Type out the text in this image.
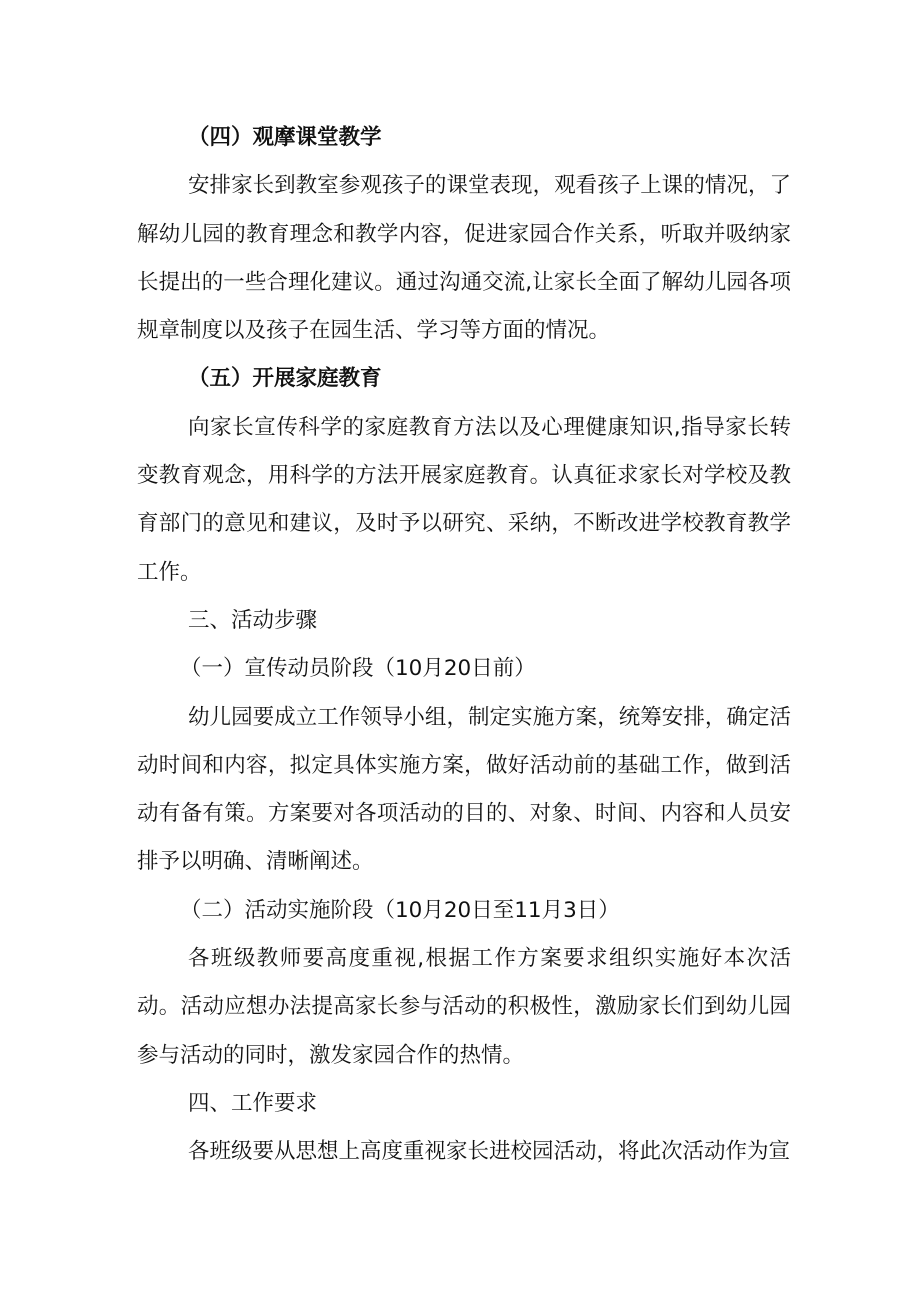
（四）观摩课堂教学

安排家长到教室参观孩子的课堂表现，观看孩子上课的情况，了解幼儿园的教育理念和教学内容，促进家园合作关系，听取并吸纳家长提出的一些合理化建议。通过沟通交流,让家长全面了解幼儿园各项规章制度以及孩子在园生活、学习等方面的情况。

（五）开展家庭教育

向家长宣传科学的家庭教育方法以及心理健康知识,指导家长转变教育观念，用科学的方法开展家庭教育。认真征求家长对学校及教育部门的意见和建议，及时予以研究、采纳，不断改进学校教育教学工作。

三、活动步骤

（一）宣传动员阶段（10月20日前）

幼儿园要成立工作领导小组，制定实施方案，统筹安排，确定活动时间和内容，拟定具体实施方案，做好活动前的基础工作，做到活动有备有策。方案要对各项活动的目的、对象、时间、内容和人员安排予以明确、清晰阐述。

（二）活动实施阶段（10月20日至11月3日）

各班级教师要高度重视,根据工作方案要求组织实施好本次活动。活动应想办法提高家长参与活动的积极性，激励家长们到幼儿园参与活动的同时，激发家园合作的热情。

四、工作要求

各班级要从思想上高度重视家长进校园活动，将此次活动作为宣
